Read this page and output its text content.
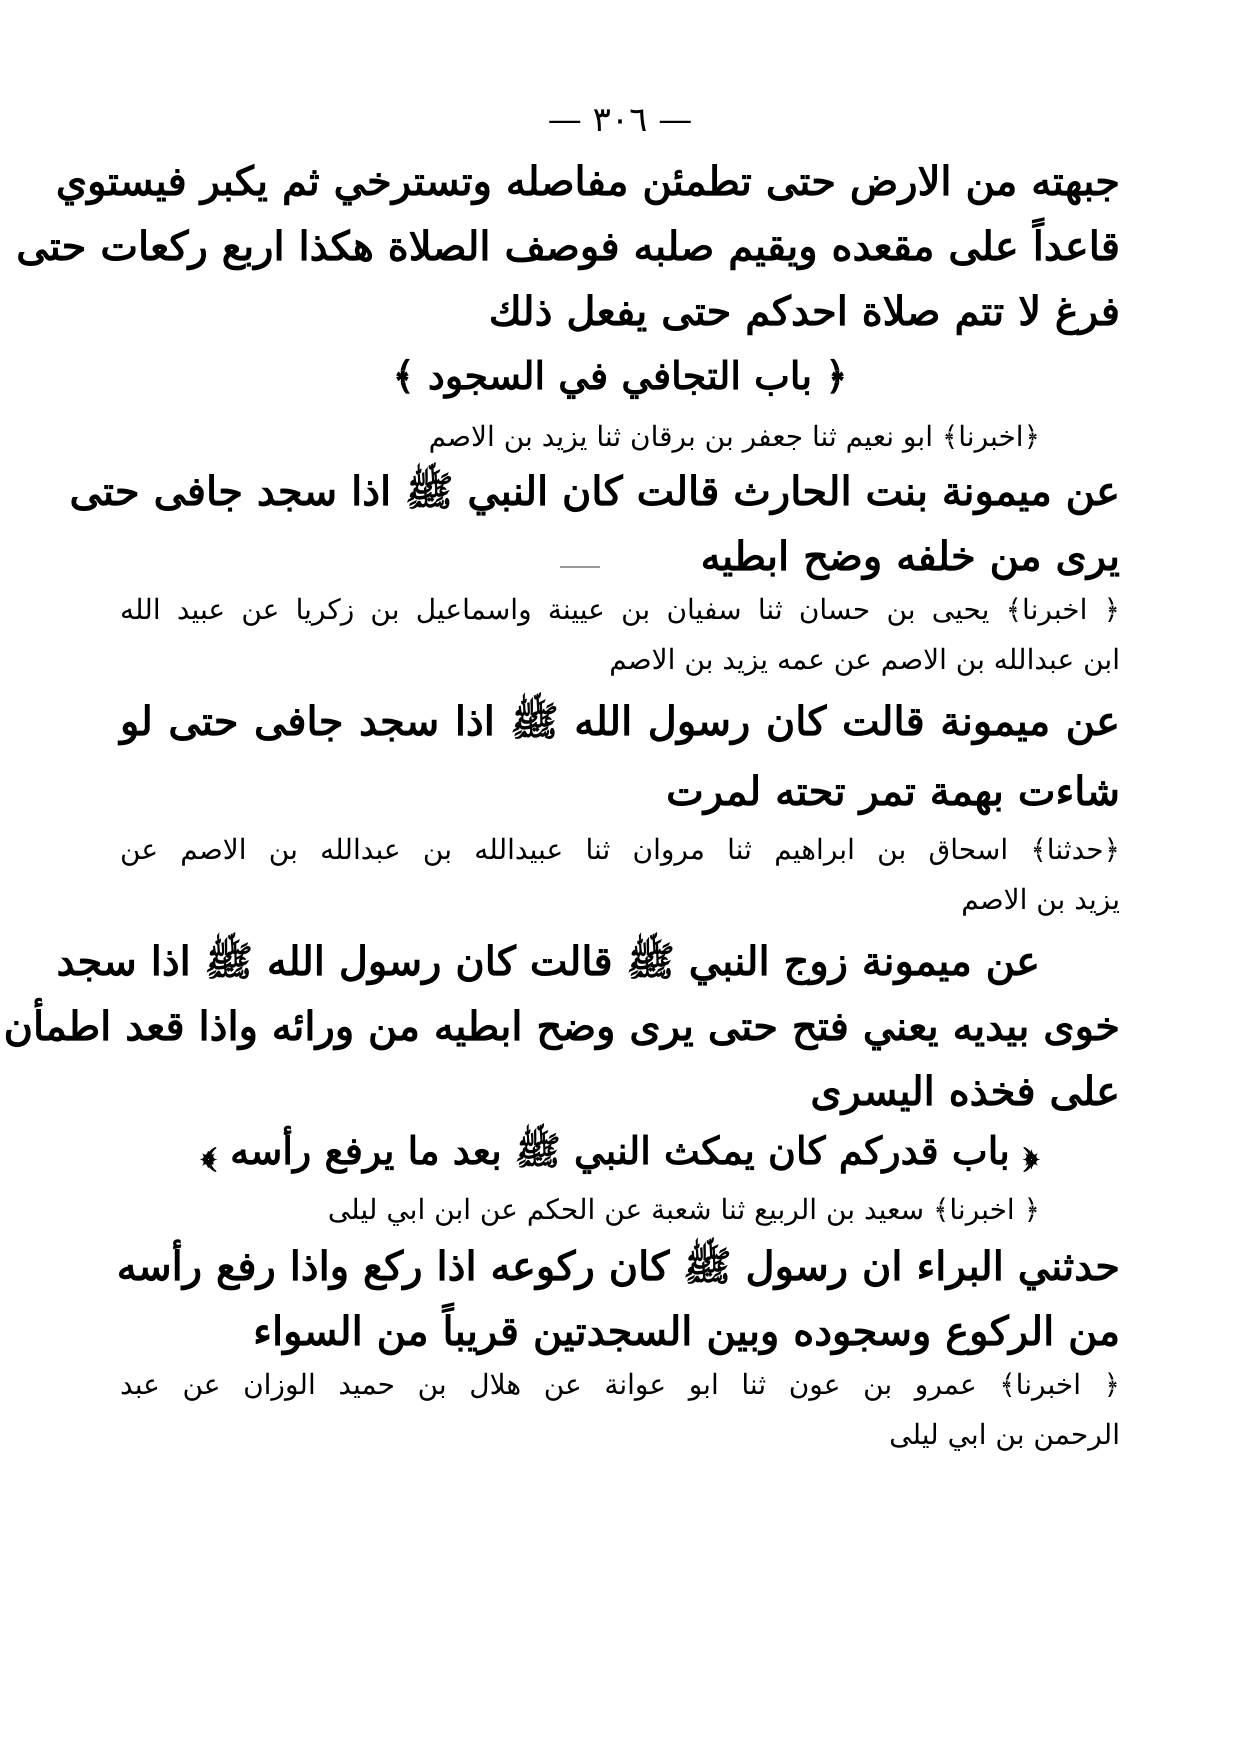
— ٣٠٦ —
جبهته من الارض حتى تطمئن مفاصله وتسترخي ثم يكبر فيستوي
قاعداً على مقعده ويقيم صلبه فوصف الصلاة هكذا اربع ركعات حتى
فرغ لا تتم صلاة احدكم حتى يفعل ذلك
﴿ باب التجافي في السجود ﴾
﴿اخبرنا﴾ ابو نعيم ثنا جعفر بن برقان ثنا يزيد بن الاصم
عن ميمونة بنت الحارث قالت كان النبي ﷺ اذا سجد جافى حتى
يرى من خلفه وضح ابطيه
﴿ اخبرنا﴾ يحيى بن حسان ثنا سفيان بن عيينة واسماعيل بن زكريا عن عبيد الله
ابن عبدالله بن الاصم عن عمه يزيد بن الاصم
عن ميمونة قالت كان رسول الله ﷺ اذا سجد جافى حتى لو
شاءت بهمة تمر تحته لمرت
﴿حدثنا﴾ اسحاق بن ابراهيم ثنا مروان ثنا عبيدالله بن عبدالله بن الاصم عن
يزيد بن الاصم
عن ميمونة زوج النبي ﷺ قالت كان رسول الله ﷺ اذا سجد
خوى بيديه يعني فتح حتى يرى وضح ابطيه من ورائه واذا قعد اطمأن
على فخذه اليسرى
﴿ باب قدركم كان يمكث النبي ﷺ بعد ما يرفع رأسه ﴾
﴿ اخبرنا﴾ سعيد بن الربيع ثنا شعبة عن الحكم عن ابن ابي ليلى
حدثني البراء ان رسول ﷺ كان ركوعه اذا ركع واذا رفع رأسه
من الركوع وسجوده وبين السجدتين قريباً من السواء
﴿ اخبرنا﴾ عمرو بن عون ثنا ابو عوانة عن هلال بن حميد الوزان عن عبد
الرحمن بن ابي ليلى
